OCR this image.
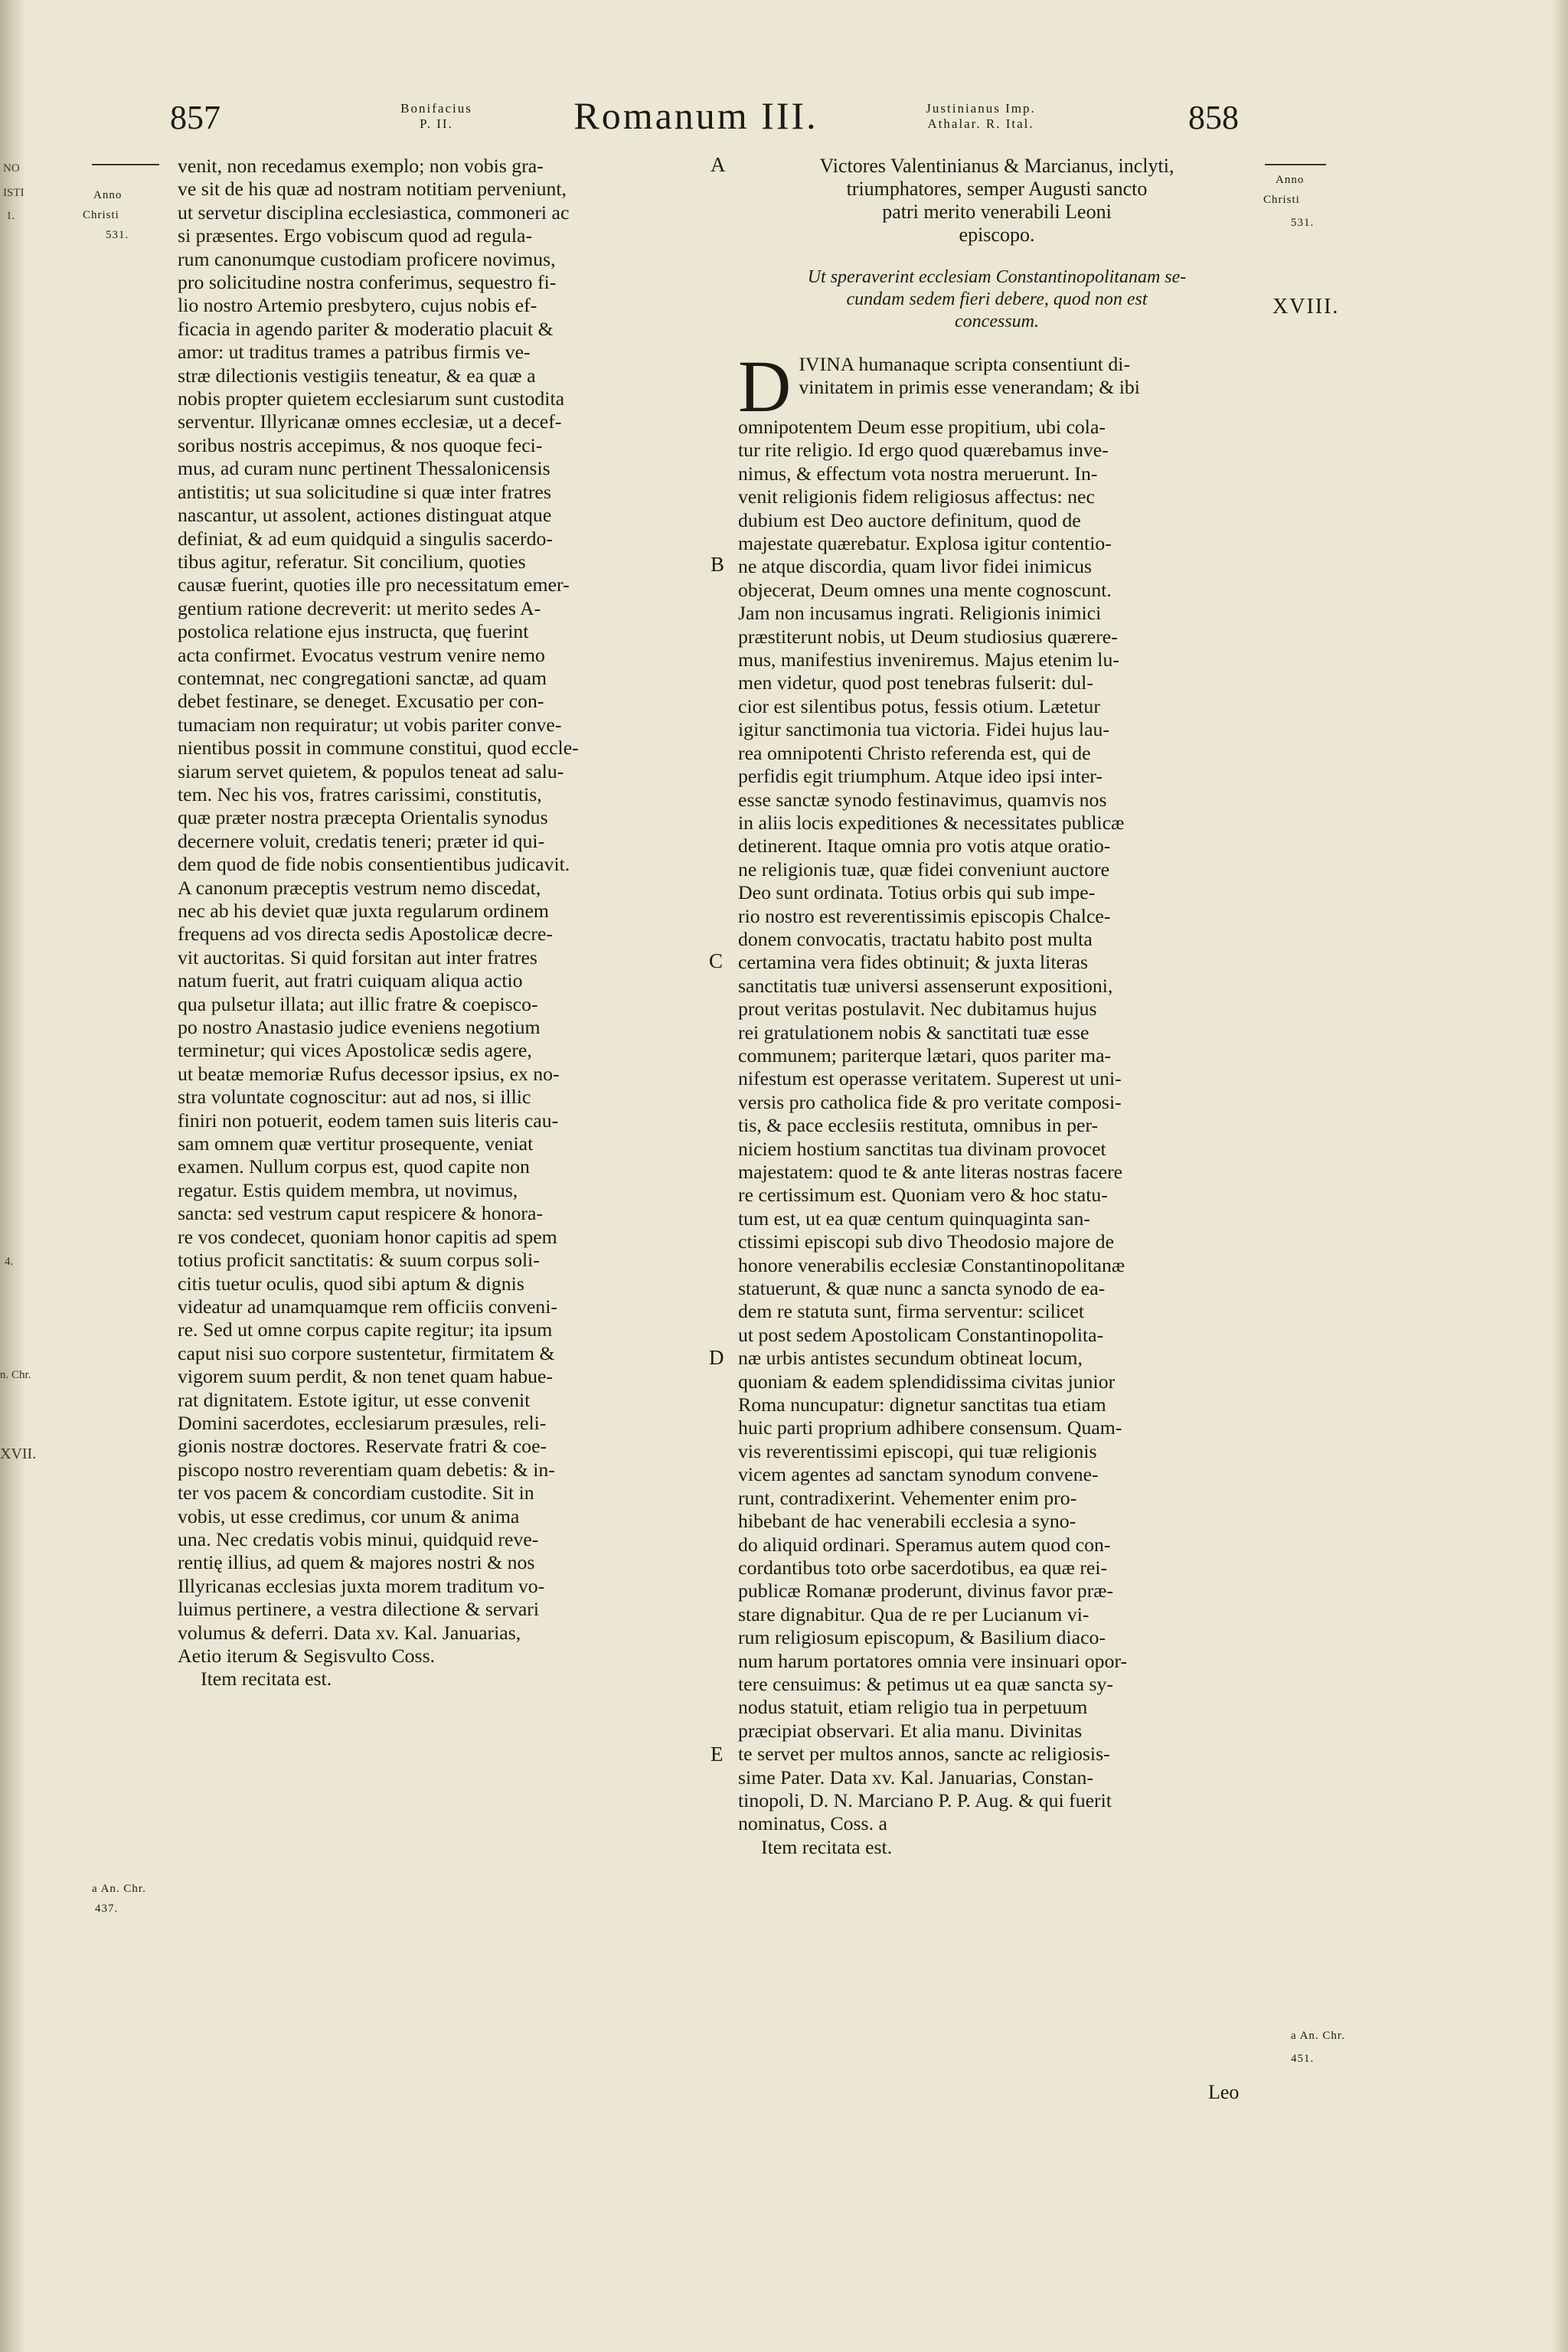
NO
ISTI
1.
4.
n. Chr.
XVII.
857	Bonifacius
P. II.	Romanum III.	Justinianus Imp.
Athalar. R. Ital.	858
Anno
Christi
531.
a An. Chr.
437.
Anno
Christi
531.
XVIII.
a An. Chr.
451.
A
B
C
D
E

venit, non recedamus exemplo; non vobis gra-

ve sit de his quæ ad nostram notitiam perveniunt,

ut servetur disciplina ecclesiastica, commoneri ac

si præsentes. Ergo vobiscum quod ad regula-

rum canonumque custodiam proficere novimus,

pro solicitudine nostra conferimus, sequestro fi-

lio nostro Artemio presbytero, cujus nobis ef-

ficacia in agendo pariter & moderatio placuit &

amor: ut traditus trames a patribus firmis ve-

stræ dilectionis vestigiis teneatur, & ea quæ a

nobis propter quietem ecclesiarum sunt custodita

serventur. Illyricanæ omnes ecclesiæ, ut a decef-

soribus nostris accepimus, & nos quoque feci-

mus, ad curam nunc pertinent Thessalonicensis

antistitis; ut sua solicitudine si quæ inter fratres

nascantur, ut assolent, actiones distinguat atque

definiat, & ad eum quidquid a singulis sacerdo-

tibus agitur, referatur. Sit concilium, quoties

causæ fuerint, quoties ille pro necessitatum emer-

gentium ratione decreverit: ut merito sedes A-

postolica relatione ejus instructa, quę fuerint

acta confirmet. Evocatus vestrum venire nemo

contemnat, nec congregationi sanctæ, ad quam

debet festinare, se deneget. Excusatio per con-

tumaciam non requiratur; ut vobis pariter conve-

nientibus possit in commune constitui, quod eccle-

siarum servet quietem, & populos teneat ad salu-

tem. Nec his vos, fratres carissimi, constitutis,

quæ præter nostra præcepta Orientalis synodus

decernere voluit, credatis teneri; præter id qui-

dem quod de fide nobis consentientibus judicavit.

A canonum præceptis vestrum nemo discedat,

nec ab his deviet quæ juxta regularum ordinem

frequens ad vos directa sedis Apostolicæ decre-

vit auctoritas. Si quid forsitan aut inter fratres

natum fuerit, aut fratri cuiquam aliqua actio

qua pulsetur illata; aut illic fratre & coepisco-

po nostro Anastasio judice eveniens negotium

terminetur; qui vices Apostolicæ sedis agere,

ut beatæ memoriæ Rufus decessor ipsius, ex no-

stra voluntate cognoscitur: aut ad nos, si illic

finiri non potuerit, eodem tamen suis literis cau-

sam omnem quæ vertitur prosequente, veniat

examen. Nullum corpus est, quod capite non

regatur. Estis quidem membra, ut novimus,

sancta: sed vestrum caput respicere & honora-

re vos condecet, quoniam honor capitis ad spem

totius proficit sanctitatis: & suum corpus soli-

citis tuetur oculis, quod sibi aptum & dignis

videatur ad unamquamque rem officiis conveni-

re. Sed ut omne corpus capite regitur; ita ipsum

caput nisi suo corpore sustentetur, firmitatem &

vigorem suum perdit, & non tenet quam habue-

rat dignitatem. Estote igitur, ut esse convenit

Domini sacerdotes, ecclesiarum præsules, reli-

gionis nostræ doctores. Reservate fratri & coe-

piscopo nostro reverentiam quam debetis: & in-

ter vos pacem & concordiam custodite. Sit in

vobis, ut esse credimus, cor unum & anima

una. Nec credatis vobis minui, quidquid reve-

rentię illius, ad quem & majores nostri & nos

Illyricanas ecclesias juxta morem traditum vo-

luimus pertinere, a vestra dilectione & servari

volumus & deferri. Data xv. Kal. Januarias,

Aetio iterum & Segisvulto Coss.

Item recitata est.

Victores Valentinianus & Marcianus, inclyti,

triumphatores, semper Augusti sancto

patri merito venerabili Leoni

episcopo.

Ut speraverint ecclesiam Constantinopolitanam se-

cundam sedem fieri debere, quod non est

concessum.

D IVINA humanaque scripta consentiunt di-

vinitatem in primis esse venerandam; & ibi

omnipotentem Deum esse propitium, ubi cola-

tur rite religio. Id ergo quod quærebamus inve-

nimus, & effectum vota nostra meruerunt. In-

venit religionis fidem religiosus affectus: nec

dubium est Deo auctore definitum, quod de

majestate quærebatur. Explosa igitur contentio-

ne atque discordia, quam livor fidei inimicus

objecerat, Deum omnes una mente cognoscunt.

Jam non incusamus ingrati. Religionis inimici

præstiterunt nobis, ut Deum studiosius quærere-

mus, manifestius inveniremus. Majus etenim lu-

men videtur, quod post tenebras fulserit: dul-

cior est silentibus potus, fessis otium. Lætetur

igitur sanctimonia tua victoria. Fidei hujus lau-

rea omnipotenti Christo referenda est, qui de

perfidis egit triumphum. Atque ideo ipsi inter-

esse sanctæ synodo festinavimus, quamvis nos

in aliis locis expeditiones & necessitates publicæ

detinerent. Itaque omnia pro votis atque oratio-

ne religionis tuæ, quæ fidei conveniunt auctore

Deo sunt ordinata. Totius orbis qui sub impe-

rio nostro est reverentissimis episcopis Chalce-

donem convocatis, tractatu habito post multa

certamina vera fides obtinuit; & juxta literas

sanctitatis tuæ universi assenserunt expositioni,

prout veritas postulavit. Nec dubitamus hujus

rei gratulationem nobis & sanctitati tuæ esse

communem; pariterque lætari, quos pariter ma-

nifestum est operasse veritatem. Superest ut uni-

versis pro catholica fide & pro veritate composi-

tis, & pace ecclesiis restituta, omnibus in per-

niciem hostium sanctitas tua divinam provocet

majestatem: quod te & ante literas nostras facere

re certissimum est. Quoniam vero & hoc statu-

tum est, ut ea quæ centum quinquaginta san-

ctissimi episcopi sub divo Theodosio majore de

honore venerabilis ecclesiæ Constantinopolitanæ

statuerunt, & quæ nunc a sancta synodo de ea-

dem re statuta sunt, firma serventur: scilicet

ut post sedem Apostolicam Constantinopolita-

næ urbis antistes secundum obtineat locum,

quoniam & eadem splendidissima civitas junior

Roma nuncupatur: dignetur sanctitas tua etiam

huic parti proprium adhibere consensum. Quam-

vis reverentissimi episcopi, qui tuæ religionis

vicem agentes ad sanctam synodum convene-

runt, contradixerint. Vehementer enim pro-

hibebant de hac venerabili ecclesia a syno-

do aliquid ordinari. Speramus autem quod con-

cordantibus toto orbe sacerdotibus, ea quæ rei-

publicæ Romanæ proderunt, divinus favor præ-

stare dignabitur. Qua de re per Lucianum vi-

rum religiosum episcopum, & Basilium diaco-

num harum portatores omnia vere insinuari opor-

tere censuimus: & petimus ut ea quæ sancta sy-

nodus statuit, etiam religio tua in perpetuum

præcipiat observari. Et alia manu. Divinitas

te servet per multos annos, sancte ac religiosis-

sime Pater. Data xv. Kal. Januarias, Constan-

tinopoli, D. N. Marciano P. P. Aug. & qui fuerit

nominatus, Coss. a

Item recitata est.

Leo
